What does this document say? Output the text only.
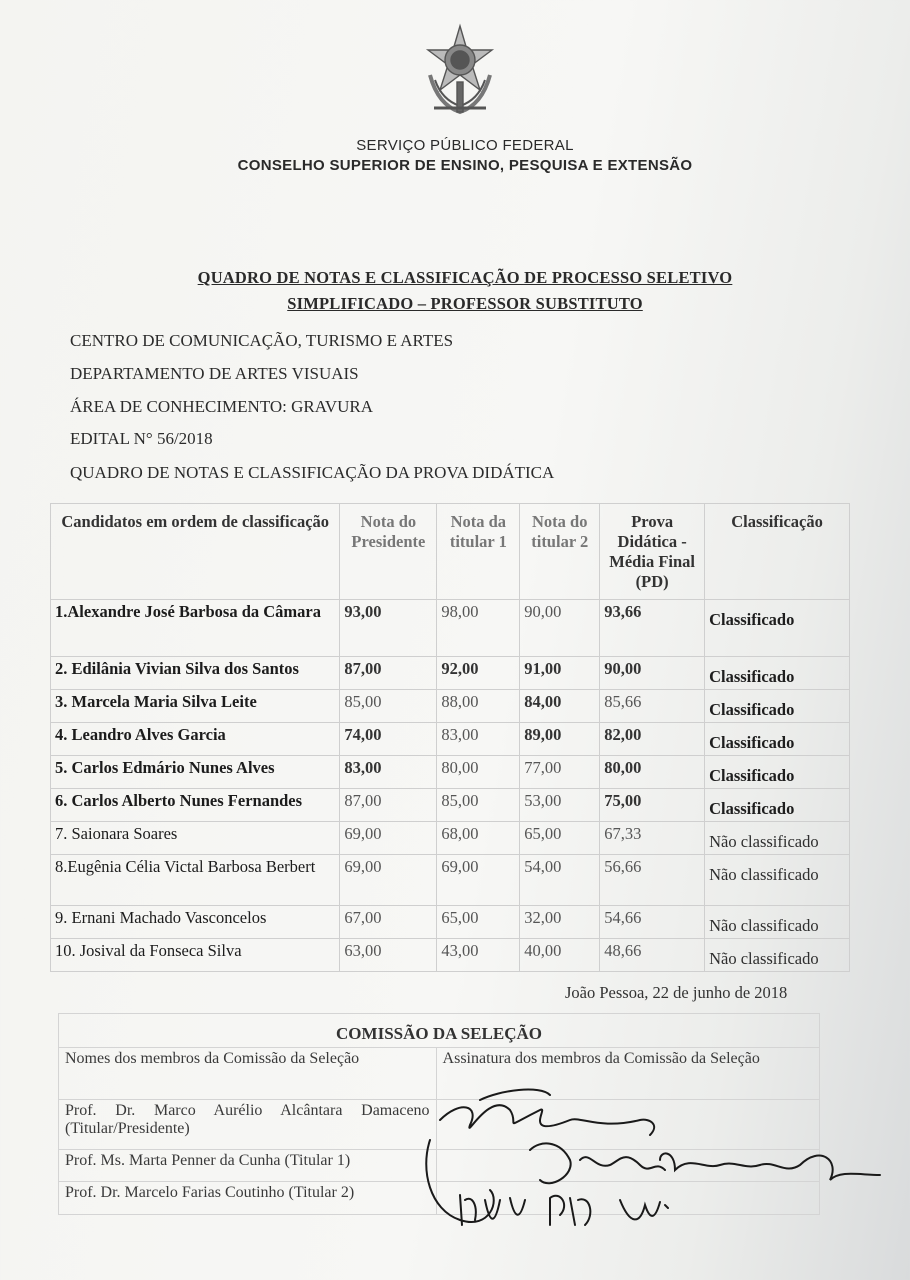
SERVIÇO PÚBLICO FEDERAL
CONSELHO SUPERIOR DE ENSINO, PESQUISA E EXTENSÃO
QUADRO DE NOTAS E CLASSIFICAÇÃO DE PROCESSO SELETIVO
SIMPLIFICADO – PROFESSOR SUBSTITUTO
CENTRO DE COMUNICAÇÃO, TURISMO E ARTES
DEPARTAMENTO DE ARTES VISUAIS
ÁREA DE CONHECIMENTO: GRAVURA
EDITAL N° 56/2018
QUADRO DE NOTAS E CLASSIFICAÇÃO DA PROVA DIDÁTICA
Candidatos em ordem de classificação	Nota do Presidente	Nota da titular 1	Nota do titular 2	Prova Didática - Média Final (PD)	Classificação
1.Alexandre José Barbosa da Câmara	93,00	98,00	90,00	93,66	Classificado
2. Edilânia Vivian Silva dos Santos	87,00	92,00	91,00	90,00	Classificado
3. Marcela Maria Silva Leite	85,00	88,00	84,00	85,66	Classificado
4. Leandro Alves Garcia	74,00	83,00	89,00	82,00	Classificado
5. Carlos Edmário Nunes Alves	83,00	80,00	77,00	80,00	Classificado
6. Carlos Alberto Nunes Fernandes	87,00	85,00	53,00	75,00	Classificado
7. Saionara Soares	69,00	68,00	65,00	67,33	Não classificado
8.Eugênia Célia Victal Barbosa Berbert	69,00	69,00	54,00	56,66	Não classificado
9. Ernani Machado Vasconcelos	67,00	65,00	32,00	54,66	Não classificado
10. Josival da Fonseca Silva	63,00	43,00	40,00	48,66	Não classificado
João Pessoa, 22 de junho de 2018
COMISSÃO DA SELEÇÃO	
Nomes dos membros da Comissão da Seleção	Assinatura dos membros da Comissão da Seleção
Prof. Dr. Marco Aurélio Alcântara Damaceno (Titular/Presidente)	
Prof. Ms. Marta Penner da Cunha (Titular 1)	
Prof. Dr. Marcelo Farias Coutinho (Titular 2)	
